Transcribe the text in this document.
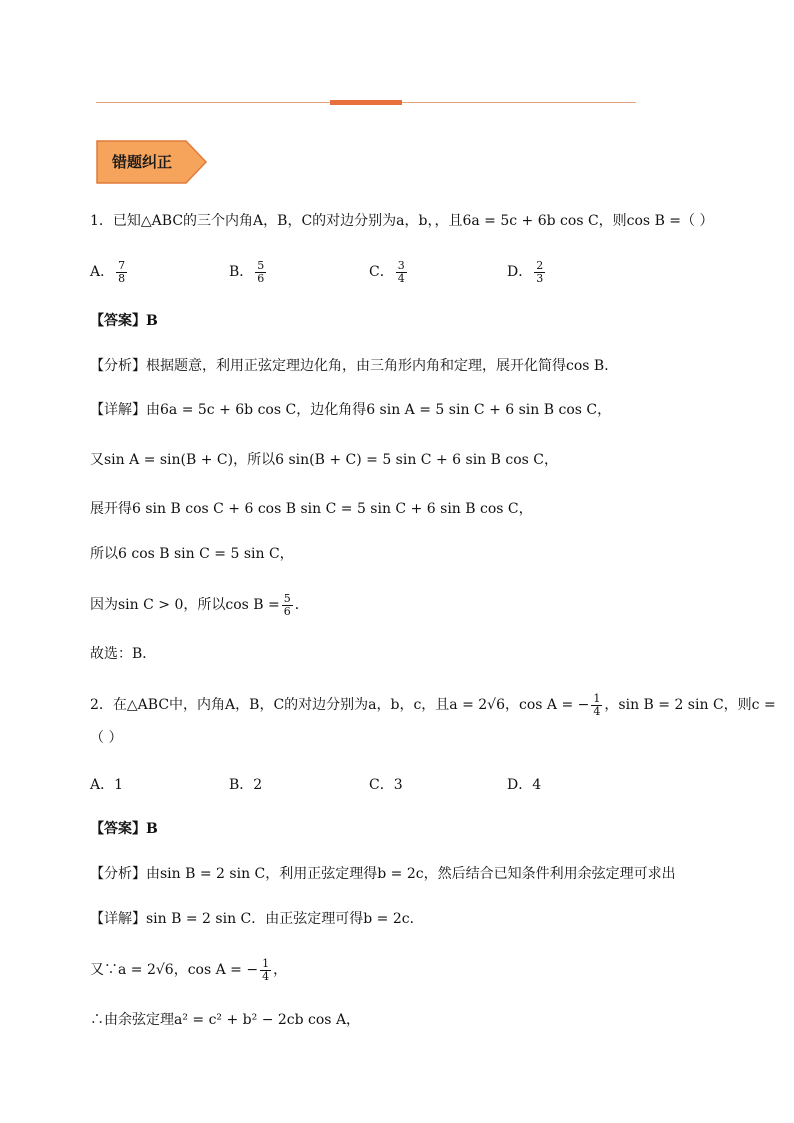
错题纠正
1．已知△ABC的三个内角A，B，C的对边分别为a，b，，且6a = 5c + 6b cos C，则cos B =（ ）
A． $\frac{7}{8}$	B． $\frac{5}{6}$	C． $\frac{3}{4}$	D． $\frac{2}{3}$
【答案】B
【分析】根据题意，利用正弦定理边化角，由三角形内角和定理，展开化简得cos B．
【详解】由6a = 5c + 6b cos C，边化角得6 sin A = 5 sin C + 6 sin B cos C，
又sin A = sin(B + C)，所以6 sin(B + C) = 5 sin C + 6 sin B cos C，
展开得6 sin B cos C + 6 cos B sin C = 5 sin C + 6 sin B cos C，
所以6 cos B sin C = 5 sin C，
因为sin C > 0，所以$\cos B = \frac{5}{6}$ ．
故选：B．
2．在△ABC中，内角A，B，C的对边分别为a，b，c，且a = 2√6，cos A = − $\frac{1}{4}$ ，sin B = 2 sin C，则c =
（ ）
A．1	B．2	C．3	D．4
【答案】B
【分析】由sin B = 2 sin C，利用正弦定理得b = 2c，然后结合已知条件利用余弦定理可求出
【详解】sin B = 2 sin C．由正弦定理可得b = 2c．
又∵a = 2√6，cos A = − $\frac{1}{4}$ ，
∴由余弦定理a² = c² + b² − 2cb cos A，
